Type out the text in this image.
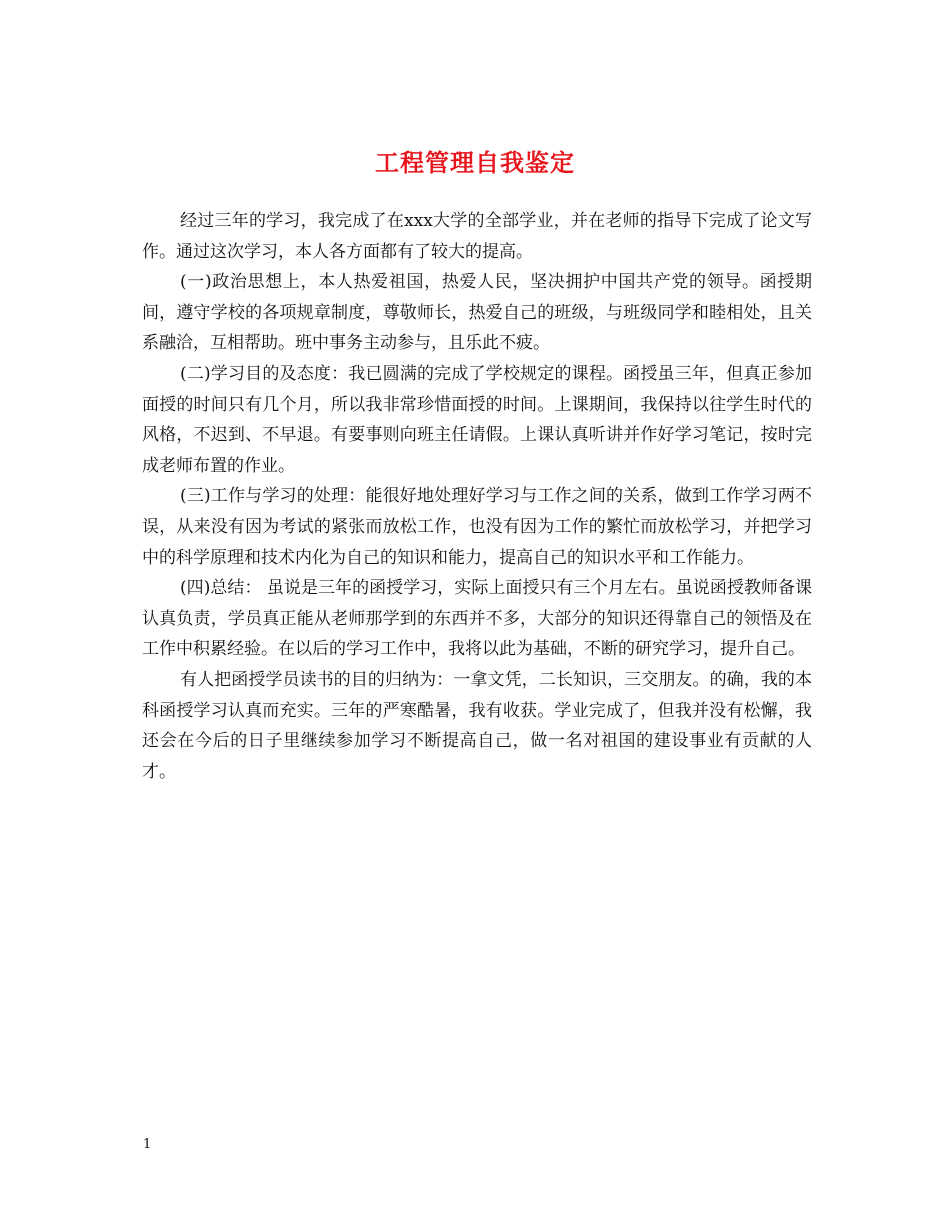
工程管理自我鉴定

经过三年的学习，我完成了在xxx大学的全部学业，并在老师的指导下完成了论文写作。通过这次学习，本人各方面都有了较大的提高。

(一)政治思想上，本人热爱祖国，热爱人民，坚决拥护中国共产党的领导。函授期间，遵守学校的各项规章制度，尊敬师长，热爱自己的班级，与班级同学和睦相处，且关系融洽，互相帮助。班中事务主动参与，且乐此不疲。

(二)学习目的及态度：我已圆满的完成了学校规定的课程。函授虽三年，但真正参加面授的时间只有几个月，所以我非常珍惜面授的时间。上课期间，我保持以往学生时代的风格，不迟到、不早退。有要事则向班主任请假。上课认真听讲并作好学习笔记，按时完成老师布置的作业。

(三)工作与学习的处理：能很好地处理好学习与工作之间的关系，做到工作学习两不误，从来没有因为考试的紧张而放松工作，也没有因为工作的繁忙而放松学习，并把学习中的科学原理和技术内化为自己的知识和能力，提高自己的知识水平和工作能力。

(四)总结： 虽说是三年的函授学习，实际上面授只有三个月左右。虽说函授教师备课认真负责，学员真正能从老师那学到的东西并不多，大部分的知识还得靠自己的领悟及在工作中积累经验。在以后的学习工作中，我将以此为基础，不断的研究学习，提升自己。

有人把函授学员读书的目的归纳为：一拿文凭，二长知识，三交朋友。的确，我的本科函授学习认真而充实。三年的严寒酷暑，我有收获。学业完成了，但我并没有松懈，我还会在今后的日子里继续参加学习不断提高自己，做一名对祖国的建设事业有贡献的人才。

1
